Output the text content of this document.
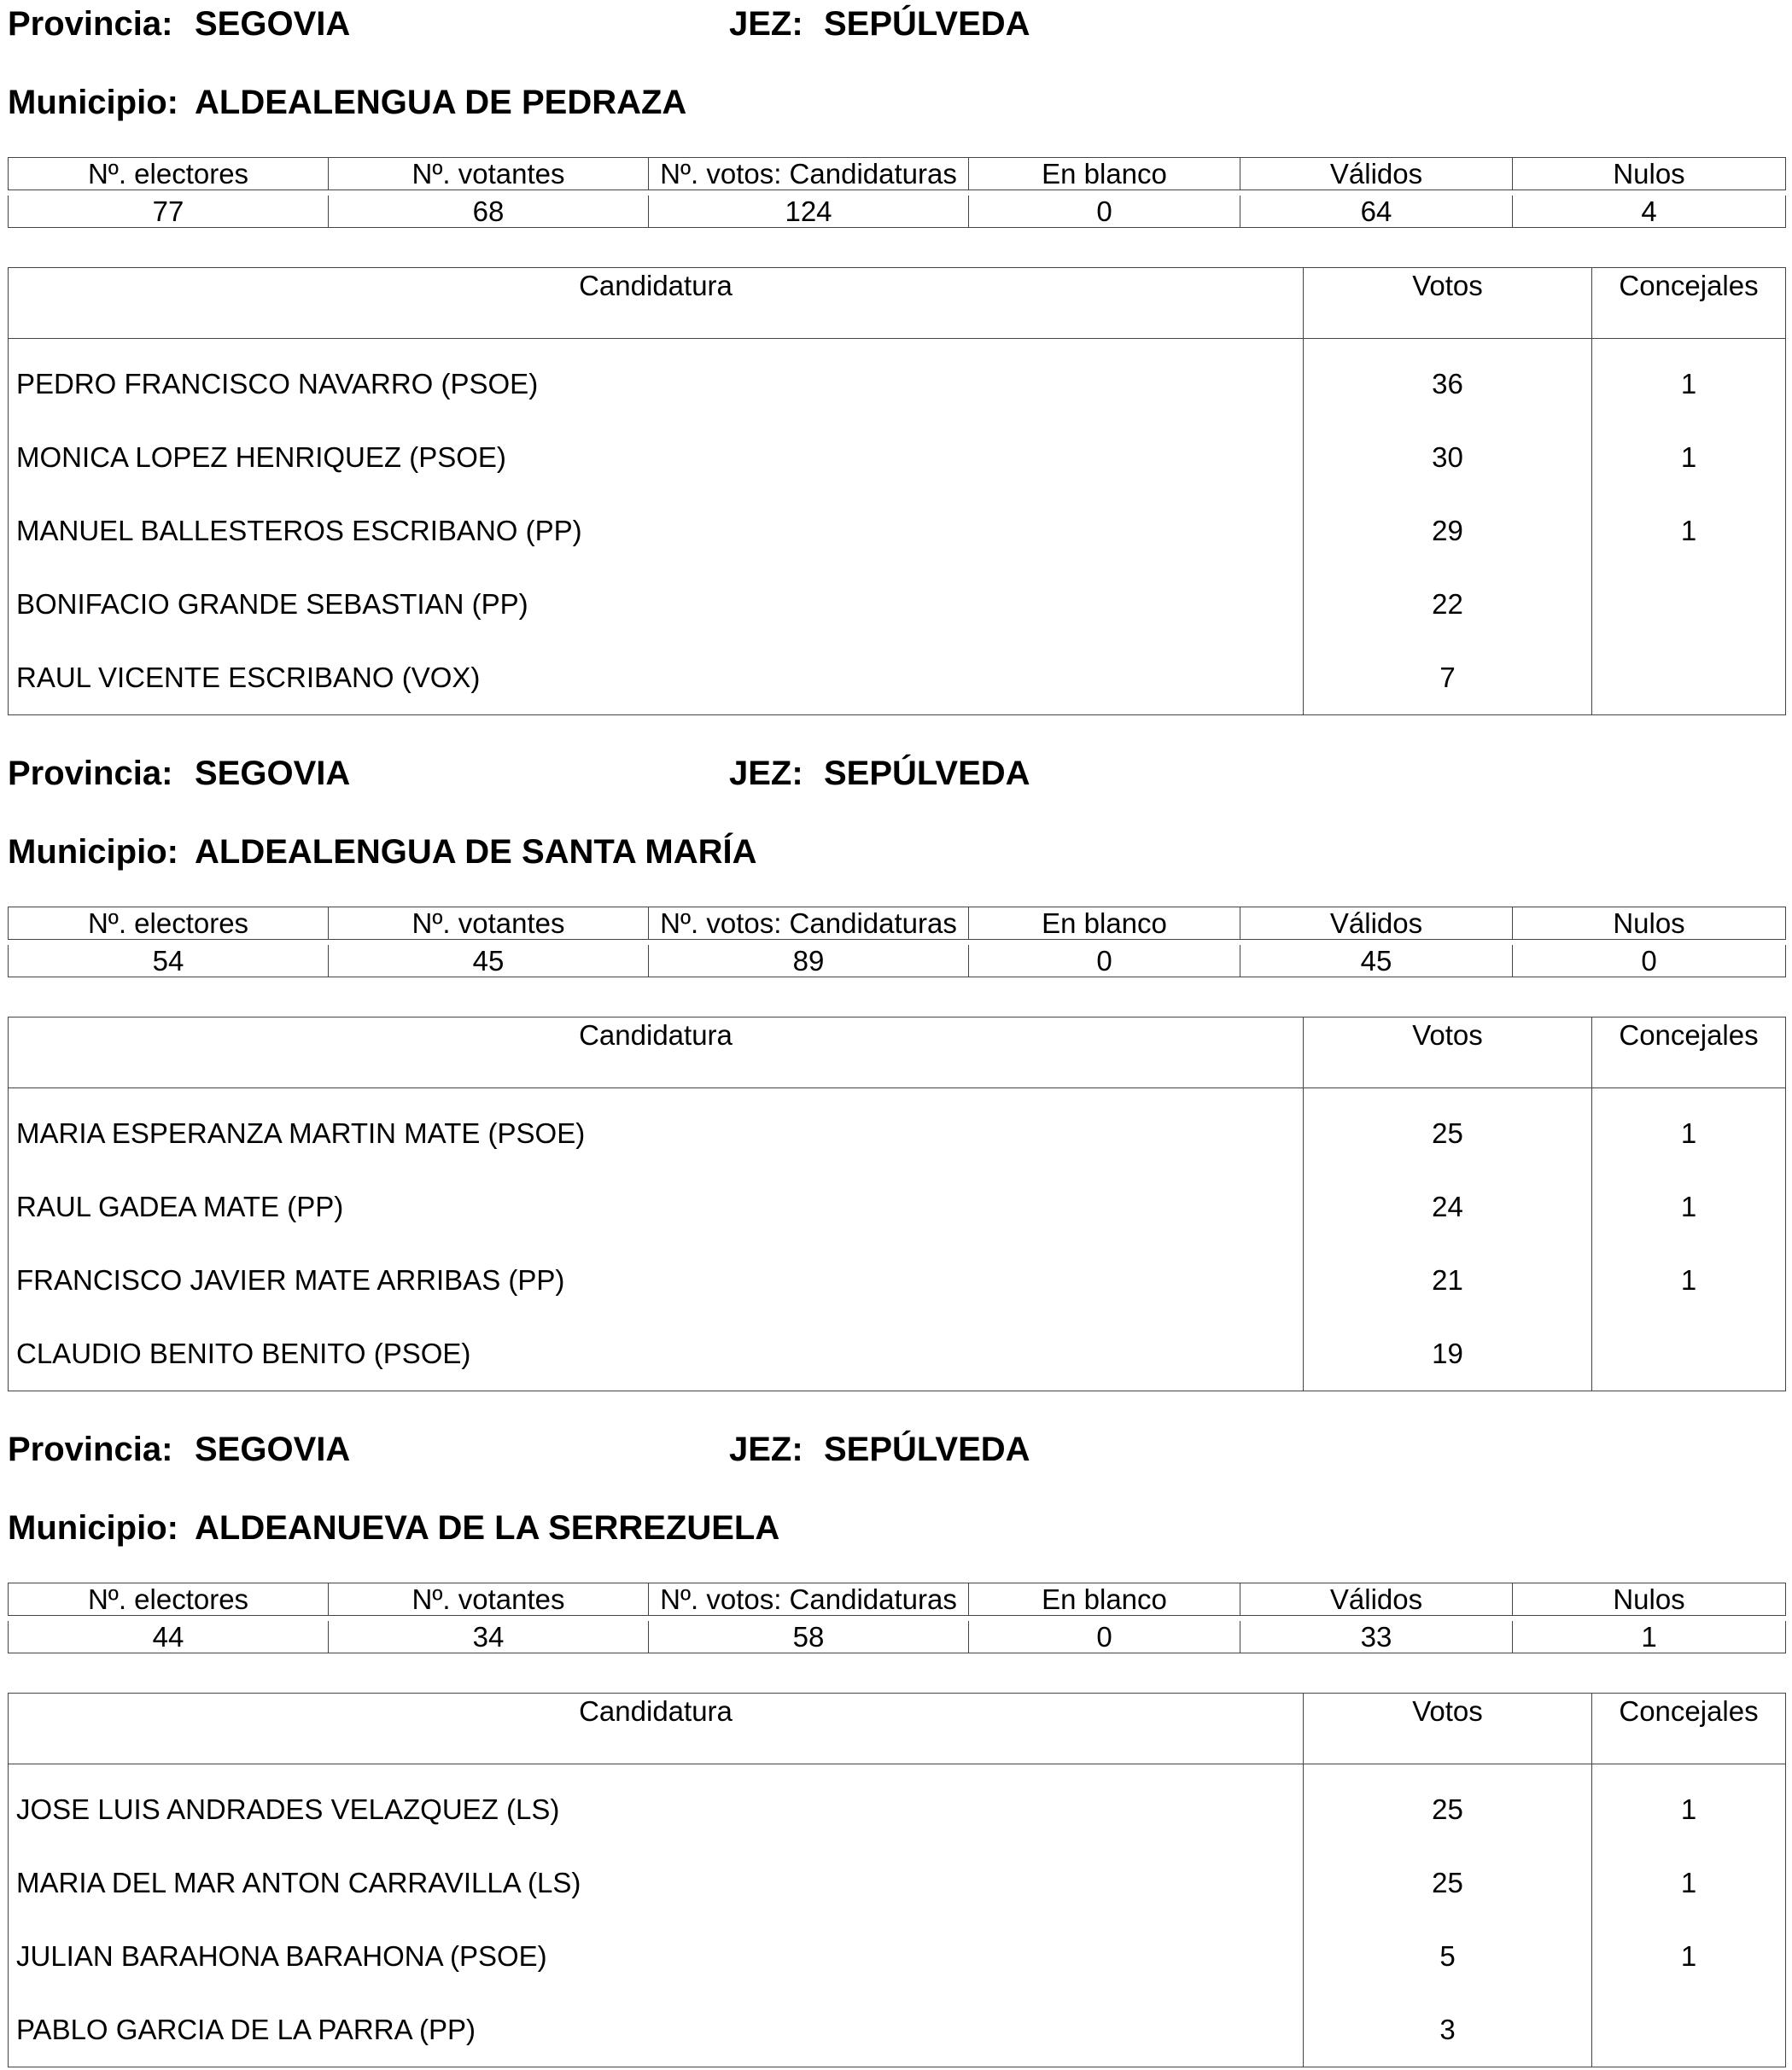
Provincia: SEGOVIA	JEZ: SEPÚLVEDA
Municipio: ALDEALENGUA DE PEDRAZA
Nº. electores	Nº. votantes	Nº. votos: Candidaturas	En blanco	Válidos	Nulos

77	68	124	0	64	4
Candidatura	Votos	Concejales
PEDRO FRANCISCO NAVARRO (PSOE)	36	1
MONICA LOPEZ HENRIQUEZ (PSOE)	30	1
MANUEL BALLESTEROS ESCRIBANO (PP)	29	1
BONIFACIO GRANDE SEBASTIAN (PP)	22	
RAUL VICENTE ESCRIBANO (VOX)	7	
Provincia: SEGOVIA	JEZ: SEPÚLVEDA
Municipio: ALDEALENGUA DE SANTA MARÍA
Nº. electores	Nº. votantes	Nº. votos: Candidaturas	En blanco	Válidos	Nulos

54	45	89	0	45	0
Candidatura	Votos	Concejales
MARIA ESPERANZA MARTIN MATE (PSOE)	25	1
RAUL GADEA MATE (PP)	24	1
FRANCISCO JAVIER MATE ARRIBAS (PP)	21	1
CLAUDIO BENITO BENITO (PSOE)	19	
Provincia: SEGOVIA	JEZ: SEPÚLVEDA
Municipio: ALDEANUEVA DE LA SERREZUELA
Nº. electores	Nº. votantes	Nº. votos: Candidaturas	En blanco	Válidos	Nulos

44	34	58	0	33	1
Candidatura	Votos	Concejales
JOSE LUIS ANDRADES VELAZQUEZ (LS)	25	1
MARIA DEL MAR ANTON CARRAVILLA (LS)	25	1
JULIAN BARAHONA BARAHONA (PSOE)	5	1
PABLO GARCIA DE LA PARRA (PP)	3	
